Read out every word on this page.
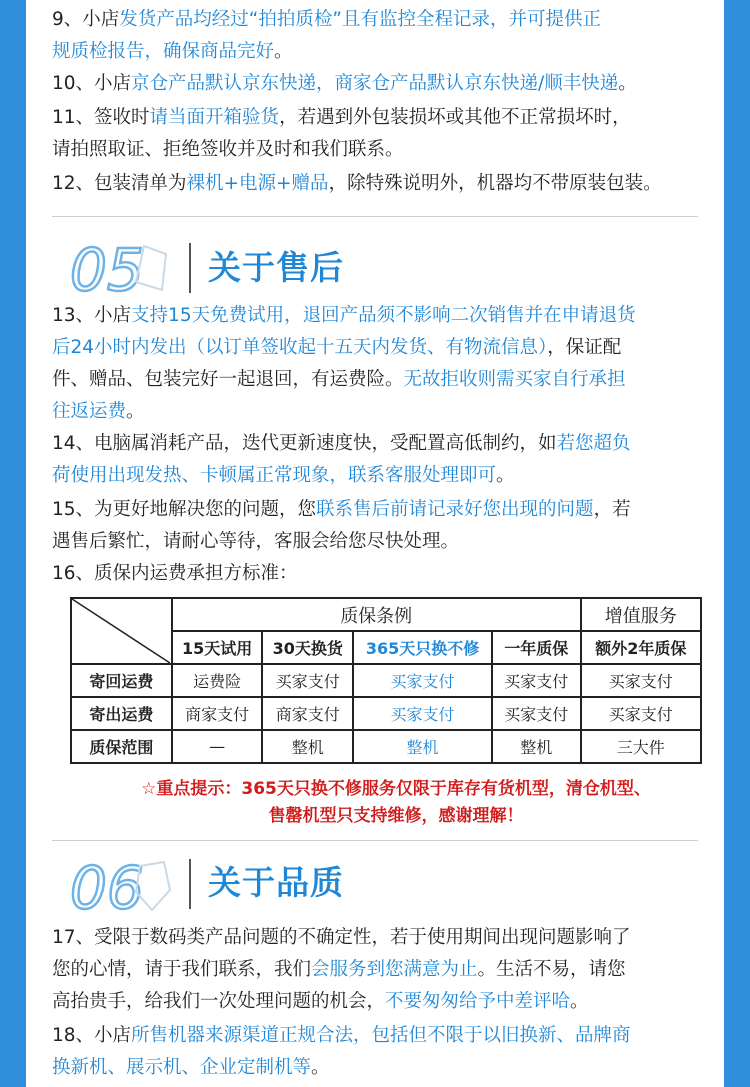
9、小店发货产品均经过“拍拍质检”且有监控全程记录，并可提供正
规质检报告，确保商品完好。
10、小店京仓产品默认京东快递，商家仓产品默认京东快递/顺丰快递。
11、签收时请当面开箱验货，若遇到外包装损坏或其他不正常损坏时，
请拍照取证、拒绝签收并及时和我们联系。
12、包装清单为裸机+电源+赠品，除特殊说明外，机器均不带原装包装。
05 关于售后
13、小店支持15天免费试用，退回产品须不影响二次销售并在申请退货
后24小时内发出（以订单签收起十五天内发货、有物流信息），保证配
件、赠品、包装完好一起退回，有运费险。无故拒收则需买家自行承担
往返运费。
14、电脑属消耗产品，迭代更新速度快，受配置高低制约，如若您超负
荷使用出现发热、卡顿属正常现象，联系客服处理即可。
15、为更好地解决您的问题，您联系售后前请记录好您出现的问题，若
遇售后繁忙，请耐心等待，客服会给您尽快处理。
16、质保内运费承担方标准：
	质保条例				增值服务
	15天试用	30天换货	365天只换不修	一年质保	额外2年质保
寄回运费	运费险	买家支付	买家支付	买家支付	买家支付
寄出运费	商家支付	商家支付	买家支付	买家支付	买家支付
质保范围	—	整机	整机	整机	三大件
☆重点提示：365天只换不修服务仅限于库存有货机型，清仓机型、
售罄机型只支持维修，感谢理解！
06 关于品质
17、受限于数码类产品问题的不确定性，若于使用期间出现问题影响了
您的心情，请于我们联系，我们会服务到您满意为止。生活不易，请您
高抬贵手，给我们一次处理问题的机会，不要匆匆给予中差评哈。
18、小店所售机器来源渠道正规合法，包括但不限于以旧换新、品牌商
换新机、展示机、企业定制机等。
